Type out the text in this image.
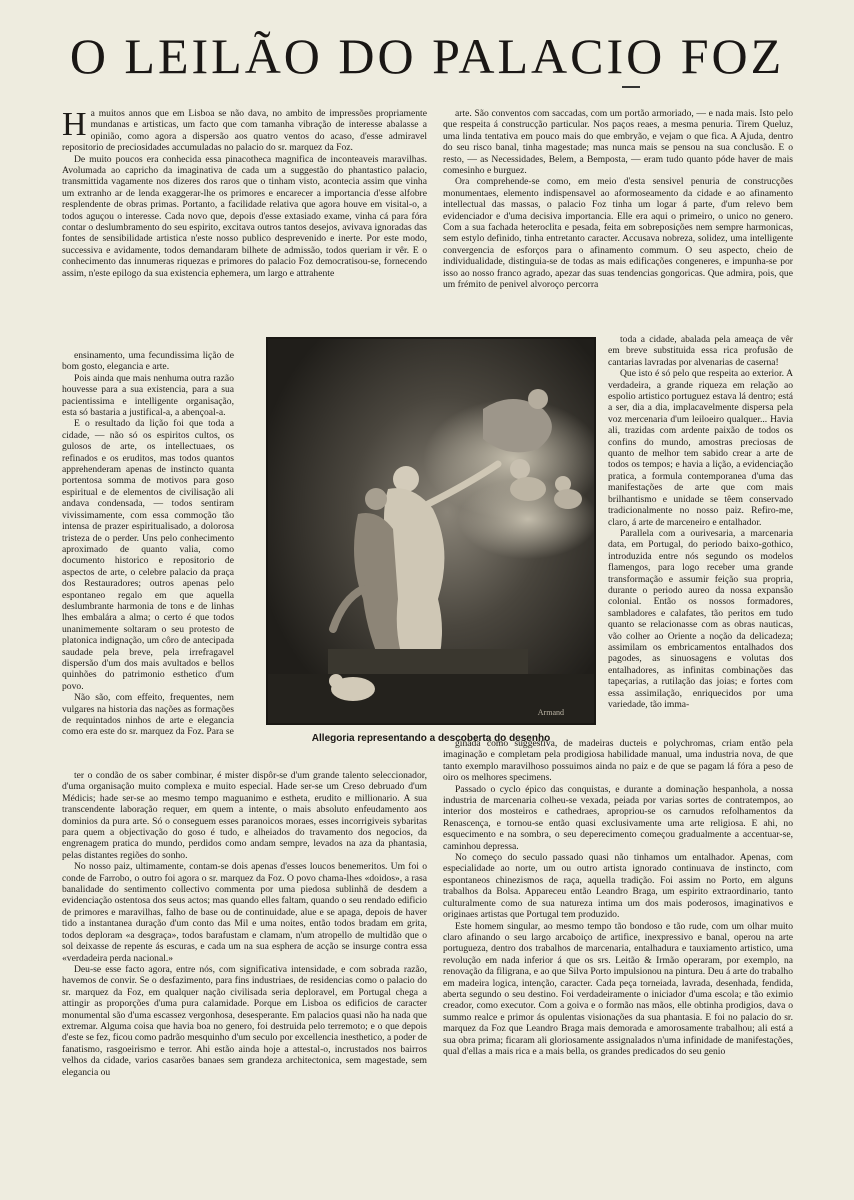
O LEILÃO DO PALACIO FOZ

Ha muitos annos que em Lisboa se não dava, no ambito de impressões propriamente mundanas e artisticas, um facto que com tamanha vibração de interesse abalasse a opinião, como agora a dispersão aos quatro ventos do acaso, d'esse admiravel repositorio de preciosidades accumuladas no palacio do sr. marquez da Foz.

De muito poucos era conhecida essa pinacotheca magnifica de inconteaveis maravilhas. Avolumada ao capricho da imaginativa de cada um a suggestão do phantastico palacio, transmittida vagamente nos dizeres dos raros que o tinham visto, acontecia assim que vinha um extranho ar de lenda exaggerar-lhe os primores e encarecer a importancia d'esse alfobre resplendente de obras primas. Portanto, a facilidade relativa que agora houve em visital-o, a todos aguçou o interesse. Cada novo que, depois d'esse extasiado exame, vinha cá para fóra contar o deslumbramento do seu espirito, excitava outros tantos desejos, avivava ignoradas das fontes de sensibilidade artistica n'este nosso publico desprevenido e inerte. Por este modo, successiva e avidamente, todos demandaram bilhete de admissão, todos queriam ir vêr. E o conhecimento das innumeras riquezas e primores do palacio Foz democratisou-se, fornecendo assim, n'este epilogo da sua existencia ephemera, um largo e attrahente

ensinamento, uma fecundissima lição de bom gosto, elegancia e arte.

Pois ainda que mais nenhuma outra razão houvesse para a sua existencia, para a sua pacientissima e intelligente organisação, esta só bastaria a justifical-a, a abençoal-a.

E o resultado da lição foi que toda a cidade, — não só os espiritos cultos, os gulosos de arte, os intellectuaes, os refinados e os eruditos, mas todos quantos apprehenderam apenas de instincto quanta portentosa somma de motivos para goso espiritual e de elementos de civilisação ali andava condensada, — todos sentiram vivissimamente, com essa commoção tão intensa de prazer espiritualisado, a dolorosa tristeza de o perder. Uns pelo conhecimento aproximado de quanto valia, como documento historico e repositorio de aspectos de arte, o celebre palacio da praça dos Restauradores; outros apenas pelo espontaneo regalo em que aquella deslumbrante harmonia de tons e de linhas lhes embalára a alma; o certo é que todos unanimemente soltaram o seu protesto de platonica indignação, um côro de antecipada saudade pela breve, pela irrefragavel dispersão d'um dos mais avultados e bellos quinhões do patrimonio esthetico d'um povo.

Não são, com effeito, frequentes, nem vulgares na historia das nações as formações de requintados ninhos de arte e elegancia como era este do sr. marquez da Foz. Para se

arte. São conventos com saccadas, com um portão armoriado, — e nada mais. Isto pelo que respeita á construcção particular. Nos paços reaes, a mesma penuria. Tirem Queluz, uma linda tentativa em pouco mais do que embryão, e vejam o que fica. A Ajuda, dentro do seu risco banal, tinha magestade; mas nunca mais se pensou na sua conclusão. E o resto, — as Necessidades, Belem, a Bemposta, — eram tudo quanto póde haver de mais comesinho e burguez.

Ora comprehende-se como, em meio d'esta sensivel penuria de construcções monumentaes, elemento indispensavel ao aformoseamento da cidade e ao afinamento intellectual das massas, o palacio Foz tinha um logar á parte, d'um relevo bem evidenciador e d'uma decisiva importancia. Elle era aqui o primeiro, o unico no genero. Com a sua fachada heteroclita e pesada, feita em sobreposições nem sempre harmonicas, sem estylo definido, tinha entretanto caracter. Accusava nobreza, solidez, uma intelligente convergencia de esforços para o afinamento commum. O seu aspecto, cheio de individualidade, distinguia-se de todas as mais edificações congeneres, e impunha-se por isso ao nosso franco agrado, apezar das suas tendencias gongoricas. Que admira, pois, que um frémito de penivel alvoroço percorra

toda a cidade, abalada pela ameaça de vêr em breve substituida essa rica profusão de cantarias lavradas por alvenarias de caserna!

Que isto é só pelo que respeita ao exterior. A verdadeira, a grande riqueza em relação ao espolio artistico portuguez estava lá dentro; está a ser, dia a dia, implacavelmente dispersa pela voz mercenaria d'um leiloeiro qualquer... Havia ali, trazidas com ardente paixão de todos os confins do mundo, amostras preciosas de quanto de melhor tem sabido crear a arte de todos os tempos; e havia a lição, a evidenciação pratica, a formula contemporanea d'uma das manifestações de arte que com mais brilhantismo e unidade se têem conservado tradicionalmente no nosso paiz. Refiro-me, claro, á arte de marceneiro e entalhador.

Parallela com a ourivesaria, a marcenaria data, em Portugal, do periodo baixo-gothico, introduzida entre nós segundo os modelos flamengos, para logo receber uma grande transformação e assumir feição sua propria, durante o periodo aureo da nossa expansão colonial. Então os nossos formadores, sambladores e calafates, tão peritos em tudo quanto se relacionasse com as obras nauticas, vão colher ao Oriente a noção da delicadeza; assimilam os embricamentos entalhados dos pagodes, as sinuosagens e volutas dos entalhadores, as infinitas combinações das tapeçarias, a rutilação das joias; e fortes com essa assimilação, enriquecidos por uma variedade, tão imma-

ter o condão de os saber combinar, é mister dispôr-se d'um grande talento seleccionador, d'uma organisação muito complexa e muito especial. Hade ser-se um Creso debruado d'um Médicis; hade ser-se ao mesmo tempo maguanimo e estheta, erudito e millionario. A sua transcendente laboração requer, em quem a intente, o mais absoluto enfeudamento aos dominios da pura arte. Só o conseguem esses paranoicos moraes, esses incorrigiveis sybaritas para quem a objectivação do goso é tudo, e alheiados do travamento dos negocios, da engrenagem pratica do mundo, perdidos como andam sempre, levados na aza da phantasia, pelas distantes regiões do sonho.

No nosso paiz, ultimamente, contam-se dois apenas d'esses loucos benemeritos. Um foi o conde de Farrobo, o outro foi agora o sr. marquez da Foz. O povo chama-lhes «doidos», a rasa banalidade do sentimento collectivo commenta por uma piedosa sublinhã de desdem a evidenciação ostentosa dos seus actos; mas quando elles faltam, quando o seu rendado edificio de primores e maravilhas, falho de base ou de continuidade, alue e se apaga, depois de haver tido a instantanea duração d'um conto das Mil e uma noites, então todos bradam em grita, todos deploram «a desgraça», todos barafustam e clamam, n'um atropello de multidão que o sol deixasse de repente ás escuras, e cada um na sua esphera de acção se insurge contra essa «verdadeira perda nacional.»

Deu-se esse facto agora, entre nós, com significativa intensidade, e com sobrada razão, havemos de convir. Se o desfazimento, para fins industriaes, de residencias como o palacio do sr. marquez da Foz, em qualquer nação civilisada seria deploravel, em Portugal chega a attingir as proporções d'uma pura calamidade. Porque em Lisboa os edificios de caracter monumental são d'uma escassez vergonhosa, desesperante. Em palacios quasi não ha nada que extremar. Alguma coisa que havia boa no genero, foi destruida pelo terremoto; e o que depois d'este se fez, ficou como padrão mesquinho d'um seculo por excellencia inesthetico, a poder de fanatismo, rasgoeirismo e terror. Ahi estão ainda hoje a attestal-o, incrustados nos bairros velhos da cidade, varios casarões banaes sem grandeza architectonica, sem magestade, sem elegancia ou

ginada como suggestiva, de madeiras ducteis e polychromas, criam então pela imaginação e completam pela prodigiosa habilidade manual, uma industria nova, de que tanto exemplo maravilhoso possuimos ainda no paiz e de que se pagam lá fóra a peso de oiro os melhores specimens.

Passado o cyclo épico das conquistas, e durante a dominação hespanhola, a nossa industria de marcenaria colheu-se vexada, peiada por varias sortes de contratempos, ao interior dos mosteiros e cathedraes, apropriou-se os carnudos refolhamentos da Renascença, e tornou-se então quasi exclusivamente uma arte religiosa. E ahi, no esquecimento e na sombra, o seu deperecimento começou gradualmente a accentuar-se, caminhou depressa.

No começo do seculo passado quasi não tinhamos um entalhador. Apenas, com especialidade ao norte, um ou outro artista ignorado continuava de instincto, com espontaneos chinezismos de raça, aquella tradição. Foi assim no Porto, em alguns trabalhos da Bolsa. Appareceu então Leandro Braga, um espirito extraordinario, tanto culturalmente como de sua natureza intima um dos mais poderosos, imaginativos e originaes artistas que Portugal tem produzido.

Este homem singular, ao mesmo tempo tão bondoso e tão rude, com um olhar muito claro afinando o seu largo arcaboiço de artifice, inexpressivo e banal, operou na arte portugueza, dentro dos trabalhos de marcenaria, entalhadura e tauxiamento artistico, uma revolução em nada inferior á que os srs. Leitão & Irmão operaram, por exemplo, na renovação da filigrana, e ao que Silva Porto impulsionou na pintura. Deu á arte do trabalho em madeira logica, intenção, caracter. Cada peça torneiada, lavrada, desenhada, fendida, aberta segundo o seu destino. Foi verdadeiramente o iniciador d'uma escola; e tão eximio creador, como executor. Com a goiva e o formão nas mãos, elle obtinha prodigios, dava o summo realce e primor ás opulentas visionações da sua phantasia. E foi no palacio do sr. marquez da Foz que Leandro Braga mais demorada e amorosamente trabalhou; ali está a sua obra prima; ficaram ali gloriosamente assignalados n'uma infinidade de manifestações, qual d'ellas a mais rica e a mais bella, os grandes predicados do seu genio

Armand
Allegoria representando a descoberta do desenho
